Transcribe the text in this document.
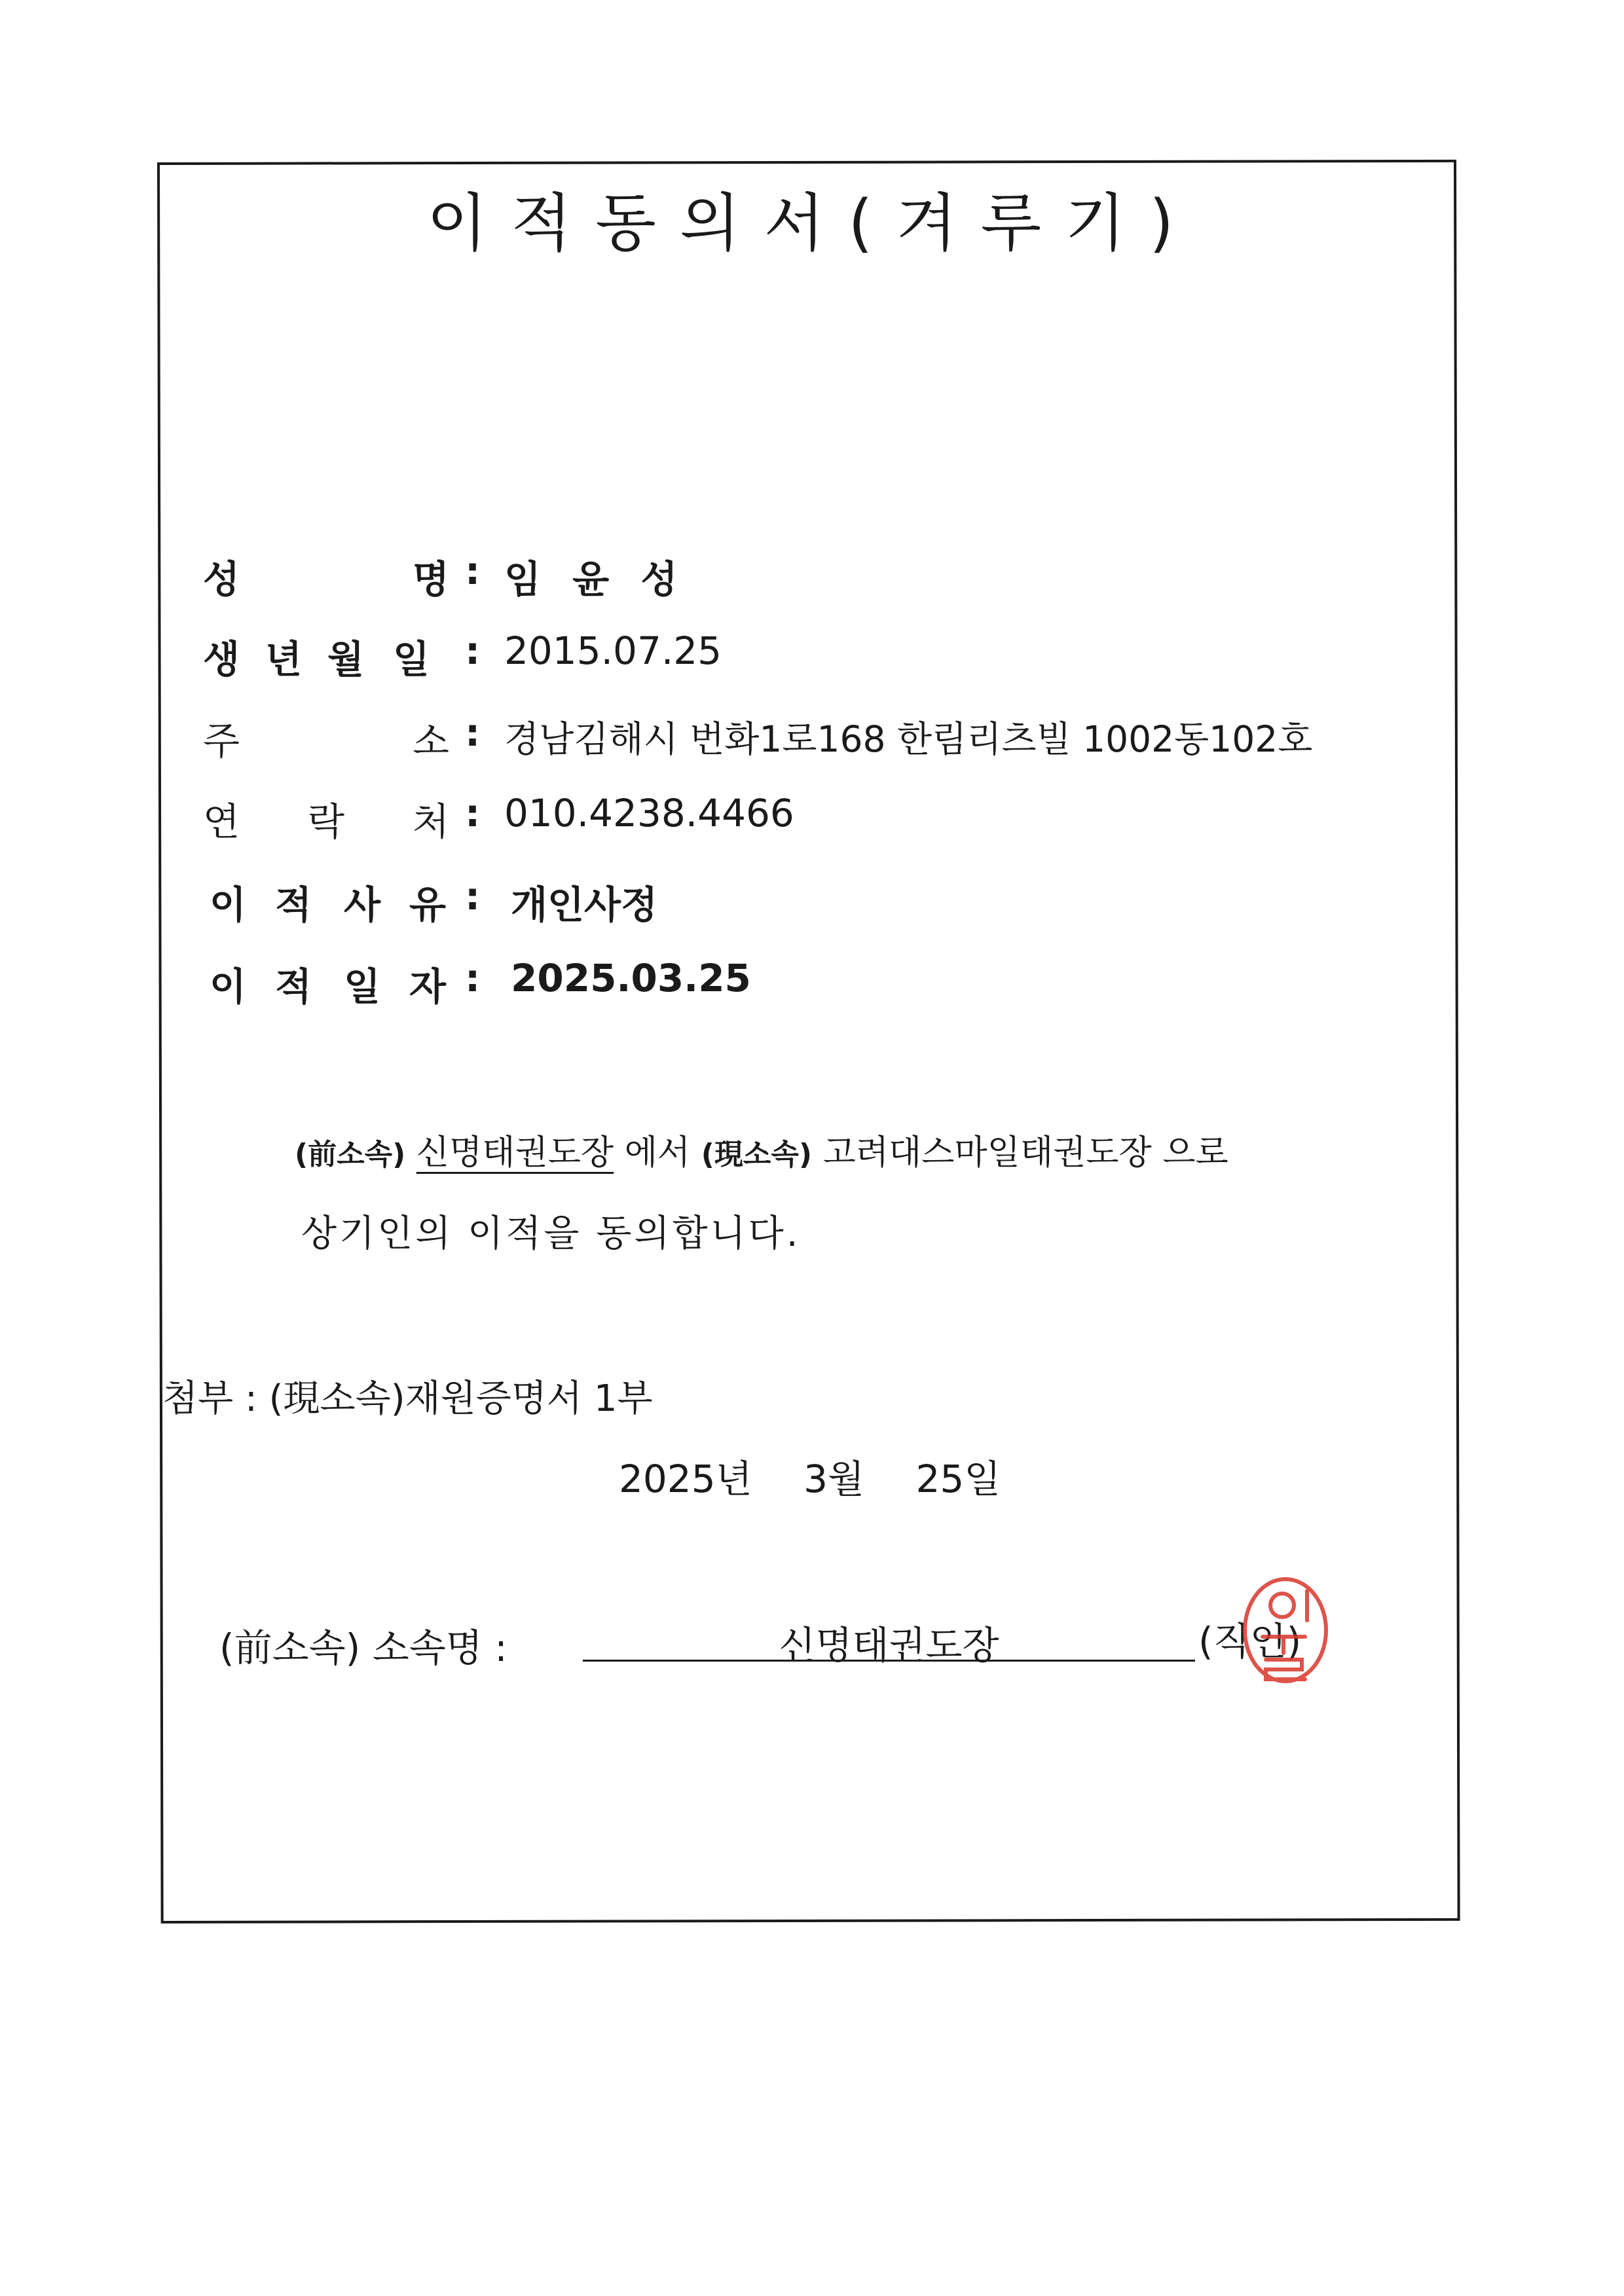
이적동의서(겨루기)
성	명 : 임 윤 성
생 년 월 일 : 2015.07.25
주	소 : 경남김해시 번화1로168 한림리츠빌 1002동102호
연 락 처 : 010.4238.4466
이 적 사 유 : 개인사정
이 적 일 자 : 2025.03.25
(前소속) 신명태권도장 에서 (現소속) 고려대스마일태권도장 으로
상기인의 이적을 동의합니다.
첨부 : (現소속)재원증명서 1부
2025년 3월 25일
(前소속) 소속명 :	신명태권도장	(직인)
